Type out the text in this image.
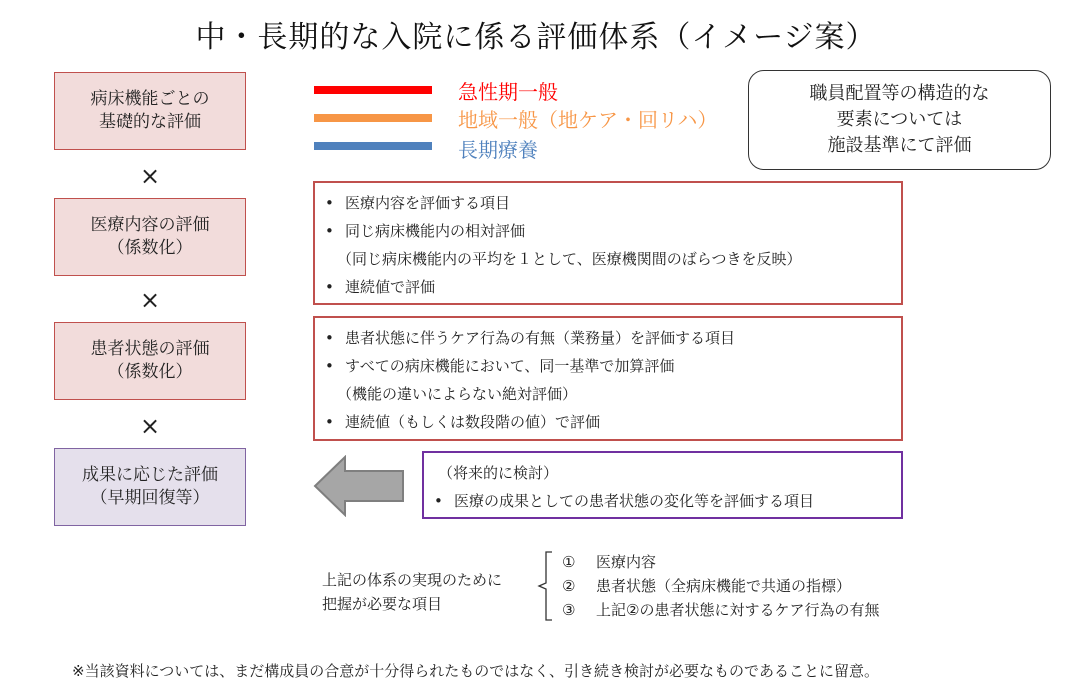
中・長期的な入院に係る評価体系（イメージ案）
病床機能ごとの
基礎的な評価
×
医療内容の評価
（係数化）
×
患者状態の評価
（係数化）
×
成果に応じた評価
（早期回復等）
急性期一般
地域一般（地ケア・回リハ）
長期療養
職員配置等の構造的な
要素については
施設基準にて評価
• 医療内容を評価する項目
• 同じ病床機能内の相対評価
（同じ病床機能内の平均を１として、医療機関間のばらつきを反映）
• 連続値で評価
• 患者状態に伴うケア行為の有無（業務量）を評価する項目
• すべての病床機能において、同一基準で加算評価
（機能の違いによらない絶対評価）
• 連続値（もしくは数段階の値）で評価
（将来的に検討）
• 医療の成果としての患者状態の変化等を評価する項目
上記の体系の実現のために
把握が必要な項目
① 医療内容
② 患者状態（全病床機能で共通の指標）
③ 上記②の患者状態に対するケア行為の有無
※当該資料については、まだ構成員の合意が十分得られたものではなく、引き続き検討が必要なものであることに留意。
